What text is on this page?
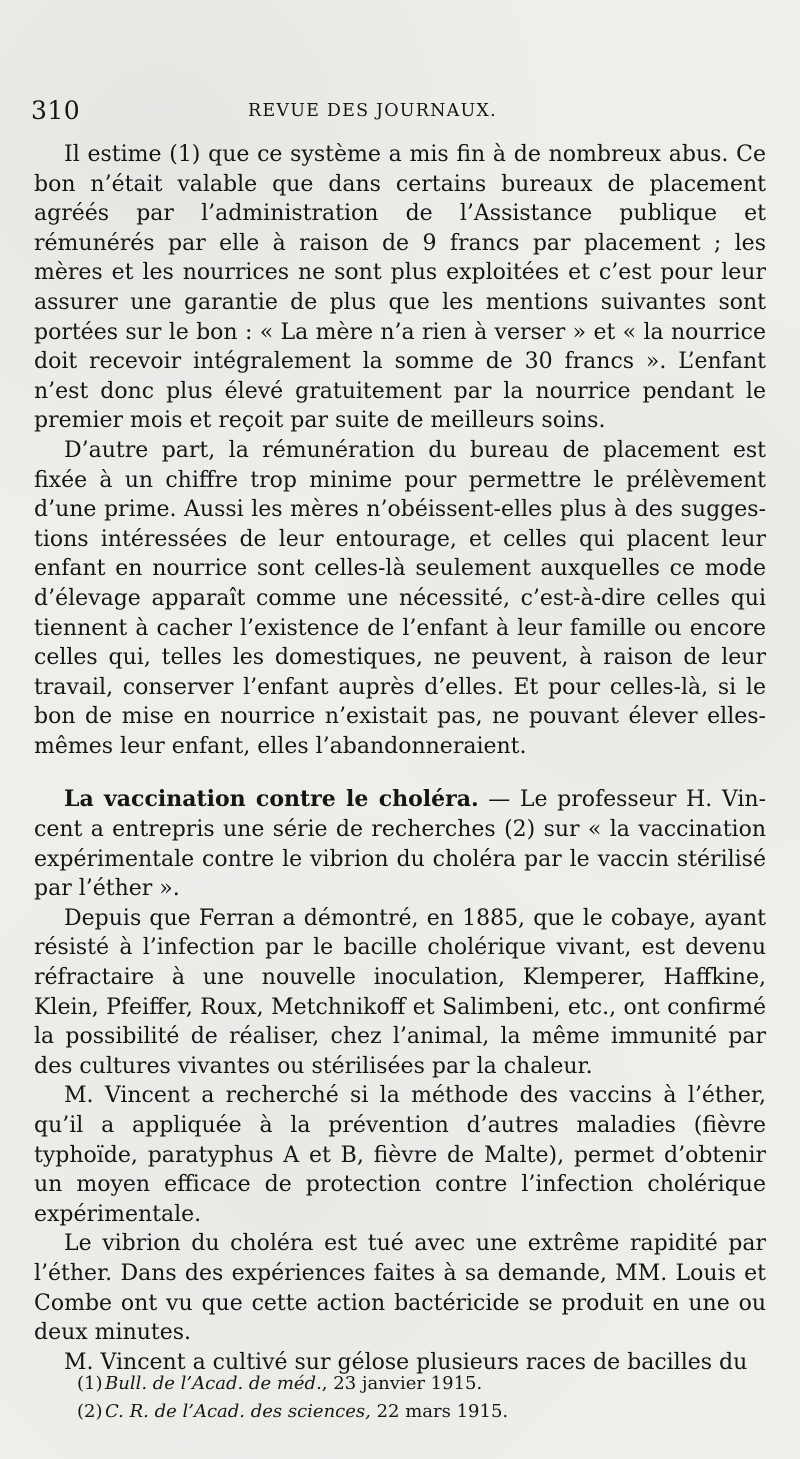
310	REVUE DES JOURNAUX.

Il estime (1) que ce système a mis fin à de nombreux abus. Ce bon n’était valable que dans certains bureaux de placement agréés par l’administration de l’Assistance publique et rémunérés par elle à raison de 9 francs par placement ; les mères et les nourrices ne sont plus exploitées et c’est pour leur assurer une garantie de plus que les mentions suivantes sont portées sur le bon : « La mère n’a rien à verser » et « la nourrice doit recevoir intégralement la somme de 30 francs ». L’enfant n’est donc plus élevé gratuitement par la nourrice pendant le premier mois et reçoit par suite de meilleurs soins.

D’autre part, la rémunération du bureau de placement est fixée à un chiffre trop minime pour permettre le prélèvement d’une prime. Aussi les mères n’obéissent-elles plus à des suggestions intéressées de leur entourage, et celles qui placent leur enfant en nourrice sont celles-là seulement auxquelles ce mode d’élevage apparaît comme une nécessité, c’est-à-dire celles qui tiennent à cacher l’existence de l’enfant à leur famille ou encore celles qui, telles les domestiques, ne peuvent, à raison de leur travail, conserver l’enfant auprès d’elles. Et pour celles-là, si le bon de mise en nourrice n’existait pas, ne pouvant élever elles-mêmes leur enfant, elles l’abandonneraient.

La vaccination contre le choléra. — Le professeur H. Vincent a entrepris une série de recherches (2) sur « la vaccination expérimentale contre le vibrion du choléra par le vaccin stérilisé par l’éther ».

Depuis que Ferran a démontré, en 1885, que le cobaye, ayant résisté à l’infection par le bacille cholérique vivant, est devenu réfractaire à une nouvelle inoculation, Klemperer, Haffkine, Klein, Pfeiffer, Roux, Metchnikoff et Salimbeni, etc., ont confirmé la possibilité de réaliser, chez l’animal, la même immunité par des cultures vivantes ou stérilisées par la chaleur.

M. Vincent a recherché si la méthode des vaccins à l’éther, qu’il a appliquée à la prévention d’autres maladies (fièvre typhoïde, paratyphus A et B, fièvre de Malte), permet d’obtenir un moyen efficace de protection contre l’infection cholérique expérimentale.

Le vibrion du choléra est tué avec une extrême rapidité par l’éther. Dans des expériences faites à sa demande, MM. Louis et Combe ont vu que cette action bactéricide se produit en une ou deux minutes.

M. Vincent a cultivé sur gélose plusieurs races de bacilles du

(1) Bull. de l’Acad. de méd., 23 janvier 1915.

(2) C. R. de l’Acad. des sciences, 22 mars 1915.
